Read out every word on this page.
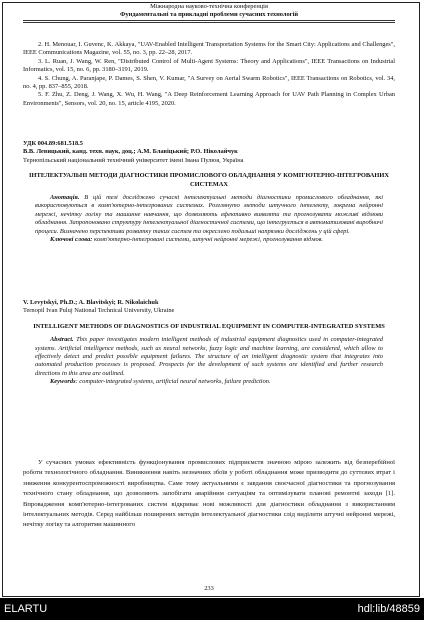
Міжнародна науково-технічна конференція
Фундаментальні та прикладні проблеми сучасних технологій

2. H. Menouar, I. Guvenc, K. Akkaya, "UAV-Enabled Intelligent Transportation Systems for the Smart City: Applications and Challenges", IEEE Communications Magazine, vol. 55, no. 3, pp. 22–28, 2017.

3. L. Ruan, J. Wang, W. Ren, "Distributed Control of Multi-Agent Systems: Theory and Applications", IEEE Transactions on Industrial Informatics, vol. 15, no. 6, pp. 3180–3191, 2019.

4. S. Chung, A. Paranjape, P. Dames, S. Shen, V. Kumar, "A Survey on Aerial Swarm Robotics", IEEE Transactions on Robotics, vol. 34, no. 4, pp. 837–855, 2018.

5. F. Zhu, Z. Deng, J. Wang, X. Wu, H. Wang, "A Deep Reinforcement Learning Approach for UAV Path Planning in Complex Urban Environments", Sensors, vol. 20, no. 15, article 4195, 2020.

УДК 004.89:681.518.5

В.В. Левицький, канд. техн. наук, доц.; А.М. Блавіцький; Р.О. Ніколайчук

Тернопільський національний технічний університет імені Івана Пулюя, Україна

ІНТЕЛЕКТУАЛЬНІ МЕТОДИ ДІАГНОСТИКИ ПРОМИСЛОВОГО ОБЛАДНАННЯ У КОМП'ЮТЕРНО-ІНТЕГРОВАНИХ СИСТЕМАХ

Анотація. В цій тезі досліджено сучасні інтелектуальні методи діагностики промислового обладнання, які використовуються в комп'ютерно-інтегрованих системах. Розглянуто методи штучного інтелекту, зокрема нейронні мережі, нечітку логіку та машинне навчання, що дозволяють ефективно виявляти та прогнозувати можливі відмови обладнання. Запропоновано структуру інтелектуальної діагностичної системи, що інтегрується в автоматизовані виробничі процеси. Визначено перспективи розвитку таких систем та окреслено подальші напрямки досліджень у цій сфері.

Ключові слова: комп'ютерно-інтегровані системи, штучні нейронні мережі, прогнозування відмов.

V. Levytskyi, Ph.D.; A. Blavitskyi; R. Nikolaichuk

Ternopil Ivan Puluj National Technical University, Ukraine

INTELLIGENT METHODS OF DIAGNOSTICS OF INDUSTRIAL EQUIPMENT IN COMPUTER-INTEGRATED SYSTEMS

Abstract. This paper investigates modern intelligent methods of industrial equipment diagnostics used in computer-integrated systems. Artificial intelligence methods, such as neural networks, fuzzy logic and machine learning, are considered, which allow to effectively detect and predict possible equipment failures. The structure of an intelligent diagnostic system that integrates into automated production processes is proposed. Prospects for the development of such systems are identified and further research directions in this area are outlined.

Keywords: computer-integrated systems, artificial neural networks, failure prediction.

У сучасних умовах ефективність функціонування промислових підприємств значною мірою залежить від безперебійної роботи технологічного обладнання. Виникнення навіть незначних збоїв у роботі обладнання може призводити до суттєвих втрат і зниження конкурентоспроможності виробництва. Саме тому актуальними є завдання своєчасної діагностики та прогнозування технічного стану обладнання, що дозволяють запобігати аварійним ситуаціям та оптимізувати планові ремонтні заходи [1]. Впровадження комп'ютерно-інтегрованих систем відкриває нові можливості для діагностики обладнання з використанням інтелектуальних методів. Серед найбільш поширених методів інтелектуальної діагностики слід виділити штучні нейронні мережі, нечітку логіку та алгоритми машинного

233
ELARTU	hdl:lib/48859
